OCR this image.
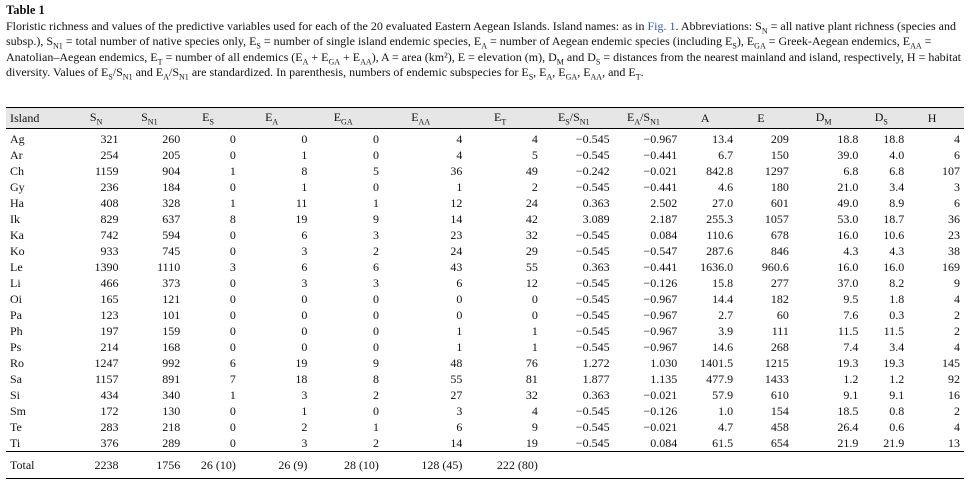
Table 1
Floristic richness and values of the predictive variables used for each of the 20 evaluated Eastern Aegean Islands. Island names: as in Fig. 1. Abbreviations: $S_N$ = all native plant richness (species and subsp.), $S_{N1}$ = total number of native species only, $E_S$ = number of single island endemic species, $E_A$ = number of Aegean endemic species (including $E_S$), $E_{GA}$ = Greek-Aegean endemics, $E_{AA}$ = Anatolian–Aegean endemics, $E_T$ = number of all endemics $(E_A + E_{GA} + E_{AA})$, A = area (km²), E = elevation (m), $D_M$ and $D_S$ = distances from the nearest mainland and island, respectively, H = habitat diversity. Values of $E_S/S_{N1}$ and $E_A/S_{N1}$ are standardized. In parenthesis, numbers of endemic subspecies for $E_S$, $E_A$, $E_{GA}$, $E_{AA}$, and $E_T$.
Island	$S_N$	$S_{N1}$	$E_S$	$E_A$	$E_{GA}$	$E_{AA}$	$E_T$	$E_S/S_{N1}$	$E_A/S_{N1}$	A	E	$D_M$	$D_S$	H
Ag	321	260	0	0	0	4	4	−0.545	−0.967	13.4	209	18.8	18.8	4
Ar	254	205	0	1	0	4	5	−0.545	−0.441	6.7	150	39.0	4.0	6
Ch	1159	904	1	8	5	36	49	−0.242	−0.021	842.8	1297	6.8	6.8	107
Gy	236	184	0	1	0	1	2	−0.545	−0.441	4.6	180	21.0	3.4	3
Ha	408	328	1	11	1	12	24	0.363	2.502	27.0	601	49.0	8.9	6
Ik	829	637	8	19	9	14	42	3.089	2.187	255.3	1057	53.0	18.7	36
Ka	742	594	0	6	3	23	32	−0.545	0.084	110.6	678	16.0	10.6	23
Ko	933	745	0	3	2	24	29	−0.545	−0.547	287.6	846	4.3	4.3	38
Le	1390	1110	3	6	6	43	55	0.363	−0.441	1636.0	960.6	16.0	16.0	169
Li	466	373	0	3	3	6	12	−0.545	−0.126	15.8	277	37.0	8.2	9
Oi	165	121	0	0	0	0	0	−0.545	−0.967	14.4	182	9.5	1.8	4
Pa	123	101	0	0	0	0	0	−0.545	−0.967	2.7	60	7.6	0.3	2
Ph	197	159	0	0	0	1	1	−0.545	−0.967	3.9	111	11.5	11.5	2
Ps	214	168	0	0	0	1	1	−0.545	−0.967	14.6	268	7.4	3.4	4
Ro	1247	992	6	19	9	48	76	1.272	1.030	1401.5	1215	19.3	19.3	145
Sa	1157	891	7	18	8	55	81	1.877	1.135	477.9	1433	1.2	1.2	92
Si	434	340	1	3	2	27	32	0.363	−0.021	57.9	610	9.1	9.1	16
Sm	172	130	0	1	0	3	4	−0.545	−0.126	1.0	154	18.5	0.8	2
Te	283	218	0	2	1	6	9	−0.545	−0.021	4.7	458	26.4	0.6	4
Ti	376	289	0	3	2	14	19	−0.545	0.084	61.5	654	21.9	21.9	13
Total	2238	1756	26 (10)	26 (9)	28 (10)	128 (45)	222 (80)							
